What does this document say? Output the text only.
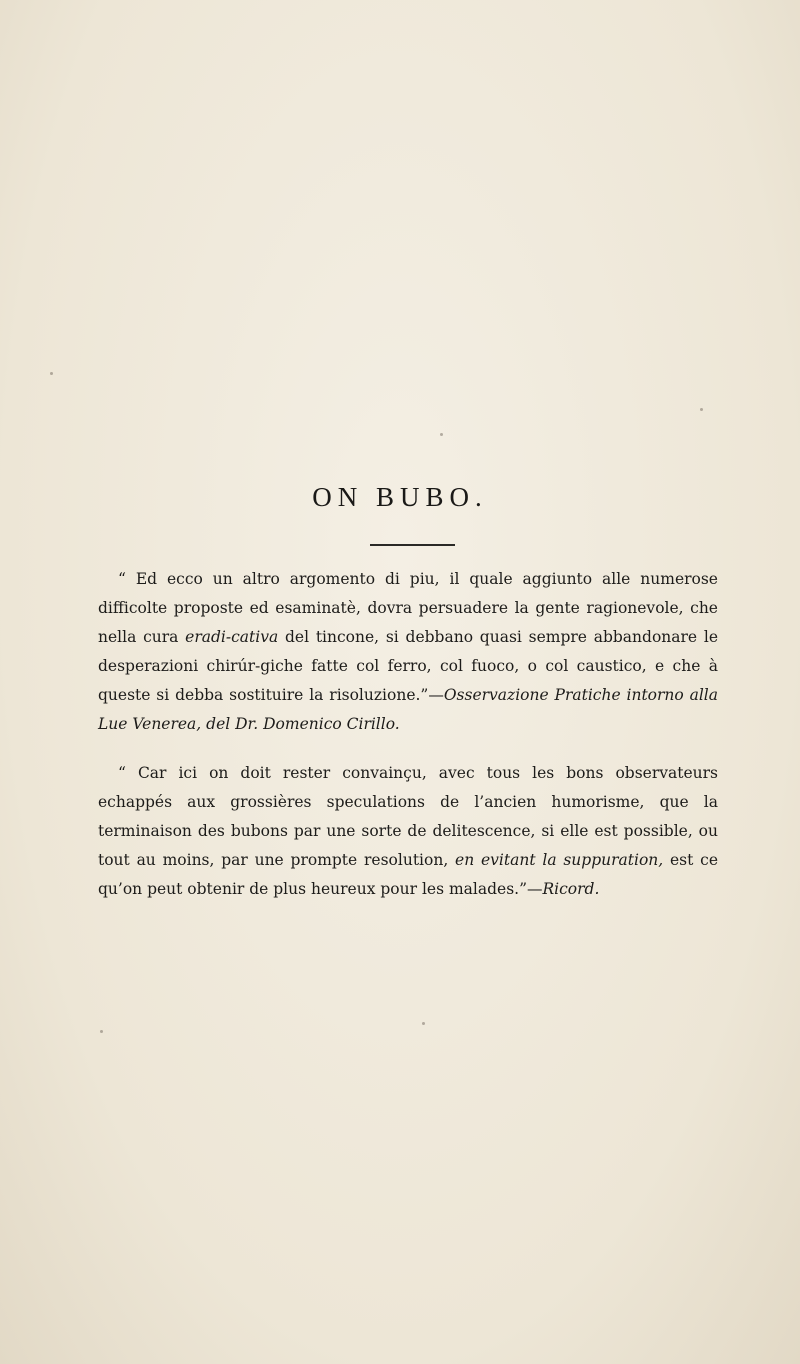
ON BUBO.

“ Ed ecco un altro argomento di piu, il quale aggiunto alle numerose difficolte proposte ed esaminatè, dovra persuadere la gente ragionevole, che nella cura eradi-cativa del tincone, si debbano quasi sempre abbandonare le desperazioni chirúr-giche fatte col ferro, col fuoco, o col caustico, e che à queste si debba sostituire la risoluzione.”—Osservazione Pratiche intorno alla Lue Venerea, del Dr. Domenico Cirillo.

“ Car ici on doit rester convainçu, avec tous les bons observateurs echappés aux grossières speculations de l’ancien humorisme, que la terminaison des bubons par une sorte de delitescence, si elle est possible, ou tout au moins, par une prompte resolution, en evitant la suppuration, est ce qu’on peut obtenir de plus heureux pour les malades.”—Ricord.
